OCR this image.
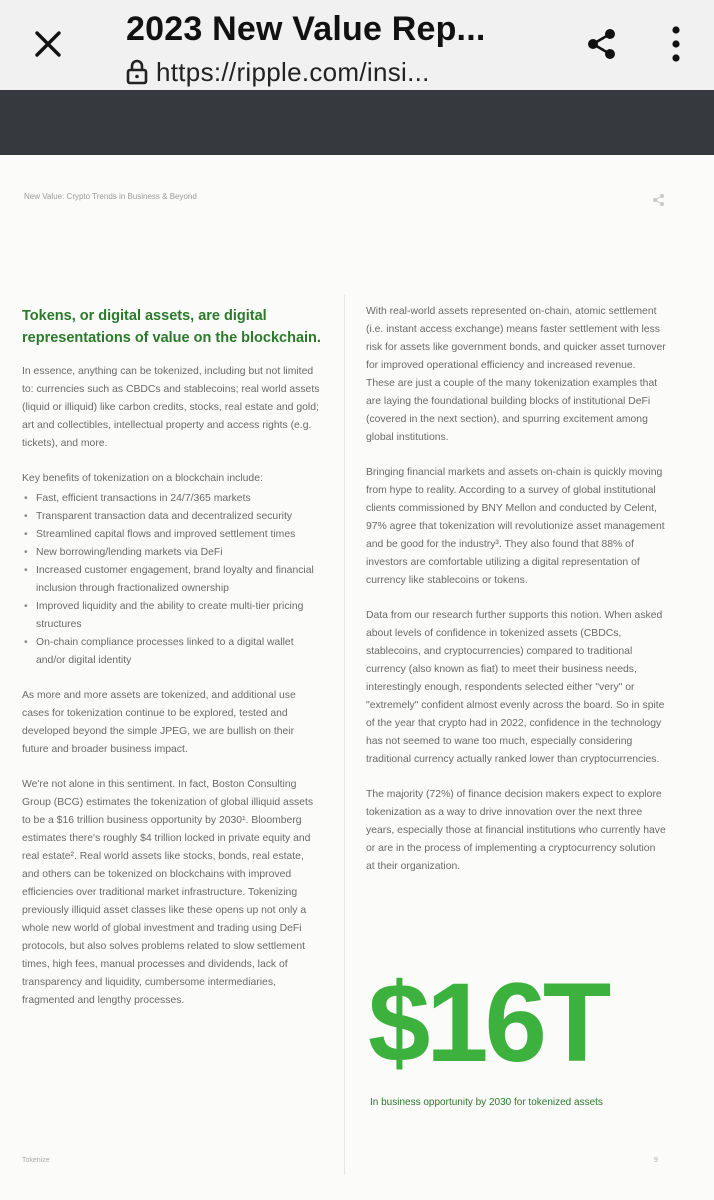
2023 New Value Rep...
https://ripple.com/insi...
New Value: Crypto Trends in Business & Beyond
Tokens, or digital assets, are digital representations of value on the blockchain.

In essence, anything can be tokenized, including but not limited to: currencies such as CBDCs and stablecoins; real world assets (liquid or illiquid) like carbon credits, stocks, real estate and gold; art and collectibles, intellectual property and access rights (e.g. tickets), and more.

Key benefits of tokenization on a blockchain include:

• Fast, efficient transactions in 24/7/365 markets
• Transparent transaction data and decentralized security
• Streamlined capital flows and improved settlement times
• New borrowing/lending markets via DeFi
• Increased customer engagement, brand loyalty and financial inclusion through fractionalized ownership
• Improved liquidity and the ability to create multi-tier pricing structures
• On-chain compliance processes linked to a digital wallet and/or digital identity

As more and more assets are tokenized, and additional use cases for tokenization continue to be explored, tested and developed beyond the simple JPEG, we are bullish on their future and broader business impact.

We're not alone in this sentiment. In fact, Boston Consulting Group (BCG) estimates the tokenization of global illiquid assets to be a $16 trillion business opportunity by 2030¹. Bloomberg estimates there's roughly $4 trillion locked in private equity and real estate². Real world assets like stocks, bonds, real estate, and others can be tokenized on blockchains with improved efficiencies over traditional market infrastructure. Tokenizing previously illiquid asset classes like these opens up not only a whole new world of global investment and trading using DeFi protocols, but also solves problems related to slow settlement times, high fees, manual processes and dividends, lack of transparency and liquidity, cumbersome intermediaries, fragmented and lengthy processes.

With real-world assets represented on-chain, atomic settlement (i.e. instant access exchange) means faster settlement with less risk for assets like government bonds, and quicker asset turnover for improved operational efficiency and increased revenue. These are just a couple of the many tokenization examples that are laying the foundational building blocks of institutional DeFi (covered in the next section), and spurring excitement among global institutions.

Bringing financial markets and assets on-chain is quickly moving from hype to reality. According to a survey of global institutional clients commissioned by BNY Mellon and conducted by Celent, 97% agree that tokenization will revolutionize asset management and be good for the industry³. They also found that 88% of investors are comfortable utilizing a digital representation of currency like stablecoins or tokens.

Data from our research further supports this notion. When asked about levels of confidence in tokenized assets (CBDCs, stablecoins, and cryptocurrencies) compared to traditional currency (also known as fiat) to meet their business needs, interestingly enough, respondents selected either "very" or "extremely" confident almost evenly across the board. So in spite of the year that crypto had in 2022, confidence in the technology has not seemed to wane too much, especially considering traditional currency actually ranked lower than cryptocurrencies.

The majority (72%) of finance decision makers expect to explore tokenization as a way to drive innovation over the next three years, especially those at financial institutions who currently have or are in the process of implementing a cryptocurrency solution at their organization.

$16T
In business opportunity by 2030 for tokenized assets
Tokenize	9
